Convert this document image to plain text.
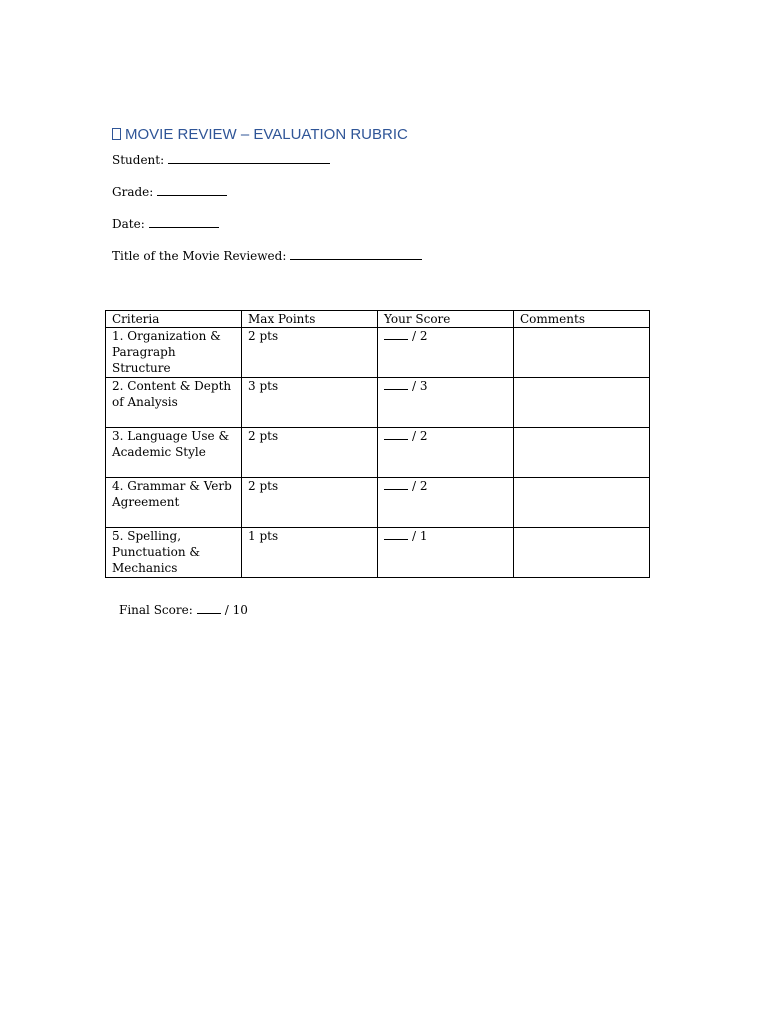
MOVIE REVIEW – EVALUATION RUBRIC
Student:
Grade:
Date:
Title of the Movie Reviewed:
Criteria	Max Points	Your Score	Comments
1. Organization & Paragraph Structure	2 pts	/ 2	
2. Content & Depth of Analysis	3 pts	/ 3	
3. Language Use & Academic Style	2 pts	/ 2	
4. Grammar & Verb Agreement	2 pts	/ 2	
5. Spelling, Punctuation & Mechanics	1 pts	/ 1	
Final Score:	/ 10
